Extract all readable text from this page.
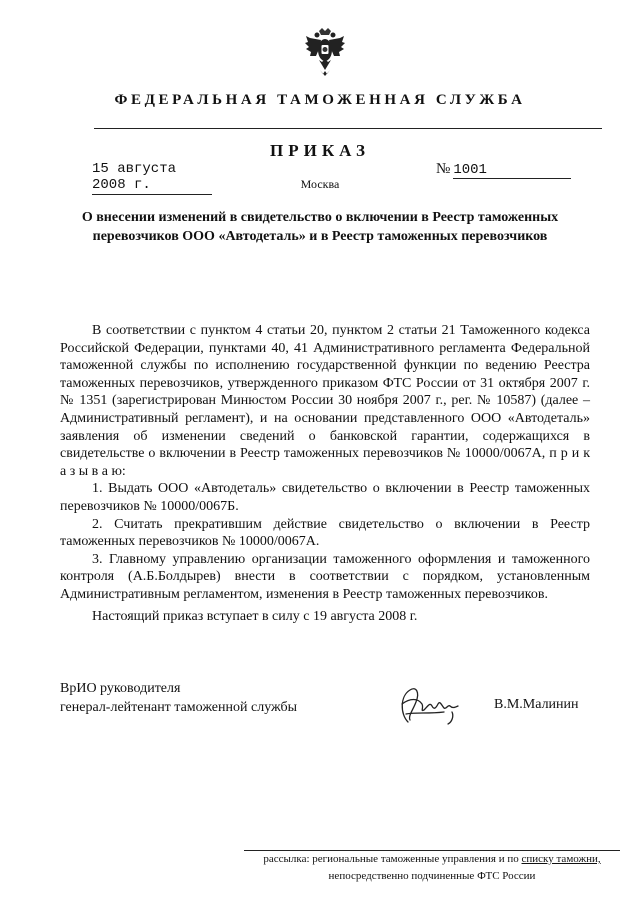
ФЕДЕРАЛЬНАЯ ТАМОЖЕННАЯ СЛУЖБА
ПРИКАЗ
15 августа 2008 г.
№ 1001
Москва
О внесении изменений в свидетельство о включении в Реестр таможенных перевозчиков ООО «Автодеталь» и в Реестр таможенных перевозчиков

В соответствии с пунктом 4 статьи 20, пунктом 2 статьи 21 Таможенного кодекса Российской Федерации, пунктами 40, 41 Административного регламента Федеральной таможенной службы по исполнению государственной функции по ведению Реестра таможенных перевозчиков, утвержденного приказом ФТС России от 31 октября 2007 г. № 1351 (зарегистрирован Минюстом России 30 ноября 2007 г., рег. № 10587) (далее – Административный регламент), и на основании представленного ООО «Автодеталь» заявления об изменении сведений о банковской гарантии, содержащихся в свидетельстве о включении в Реестр таможенных перевозчиков № 10000/0067А, п р и к а з ы в а ю:

1. Выдать ООО «Автодеталь» свидетельство о включении в Реестр таможенных перевозчиков № 10000/0067Б.

2. Считать прекратившим действие свидетельство о включении в Реестр таможенных перевозчиков № 10000/0067А.

3. Главному управлению организации таможенного оформления и таможенного контроля (А.Б.Болдырев) внести в соответствии с порядком, установленным Административным регламентом, изменения в Реестр таможенных перевозчиков.

Настоящий приказ вступает в силу с 19 августа 2008 г.
ВрИО руководителя
генерал-лейтенант таможенной службы	В.М.Малинин
рассылка: региональные таможенные управления и по списку таможни,
непосредственно подчиненные ФТС России
